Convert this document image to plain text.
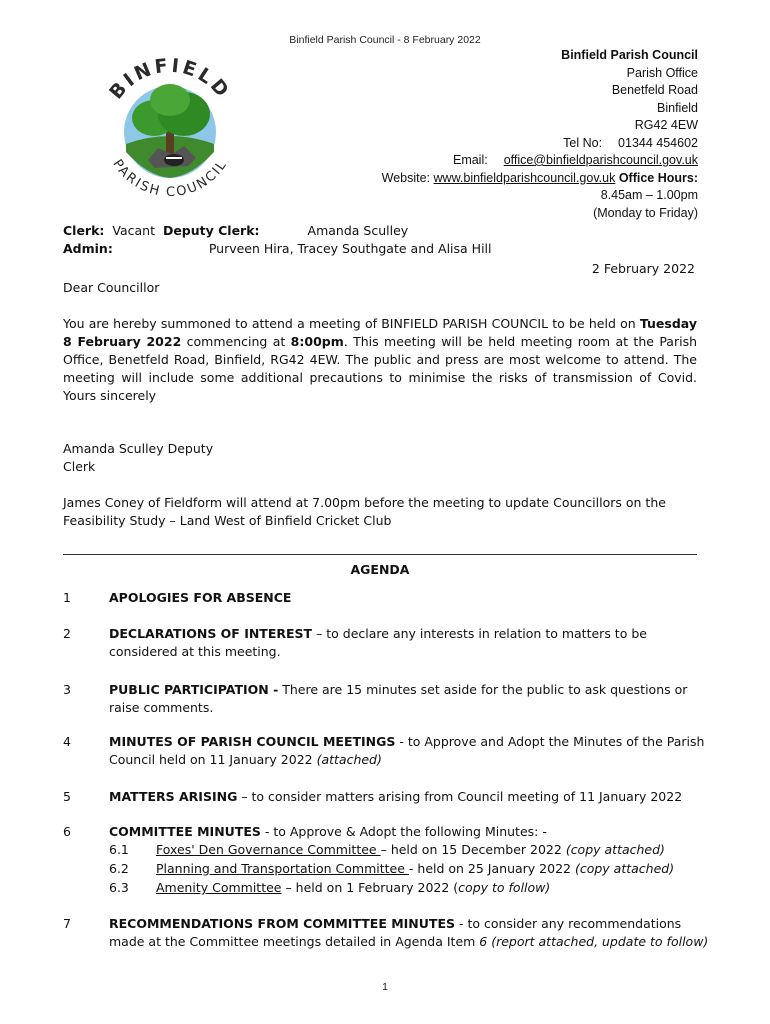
Binfield Parish Council - 8 February 2022
BINFIELD
PARISH COUNCIL
Binfield Parish Council
Parish Office
Benetfeld Road
Binfield
RG42 4EW
Tel No: 01344 454602
Email: office@binfieldparishcouncil.gov.uk
Website: www.binfieldparishcouncil.gov.uk Office Hours:
8.45am – 1.00pm
(Monday to Friday)
Clerk: Vacant Deputy Clerk:	Amanda Sculley
Admin:	Purveen Hira, Tracey Southgate and Alisa Hill
2 February 2022
Dear Councillor
You are hereby summoned to attend a meeting of BINFIELD PARISH COUNCIL to be held on Tuesday 8 February 2022 commencing at 8:00pm. This meeting will be held meeting room at the Parish Office, Benetfeld Road, Binfield, RG42 4EW. The public and press are most welcome to attend. The meeting will include some additional precautions to minimise the risks of transmission of Covid. Yours sincerely
Amanda Sculley Deputy Clerk
James Coney of Fieldform will attend at 7.00pm before the meeting to update Councillors on the Feasibility Study – Land West of Binfield Cricket Club
AGENDA
1	APOLOGIES FOR ABSENCE
2	DECLARATIONS OF INTEREST – to declare any interests in relation to matters to be considered at this meeting.
3	PUBLIC PARTICIPATION - There are 15 minutes set aside for the public to ask questions or raise comments.
4	MINUTES OF PARISH COUNCIL MEETINGS - to Approve and Adopt the Minutes of the Parish Council held on 11 January 2022 (attached)
5	MATTERS ARISING – to consider matters arising from Council meeting of 11 January 2022
6	COMMITTEE MINUTES - to Approve & Adopt the following Minutes: -
6.1 Foxes' Den Governance Committee – held on 15 December 2022 (copy attached)
6.2 Planning and Transportation Committee - held on 25 January 2022 (copy attached)
6.3 Amenity Committee – held on 1 February 2022 (copy to follow)
7	RECOMMENDATIONS FROM COMMITTEE MINUTES - to consider any recommendations made at the Committee meetings detailed in Agenda Item 6 (report attached, update to follow)
1
